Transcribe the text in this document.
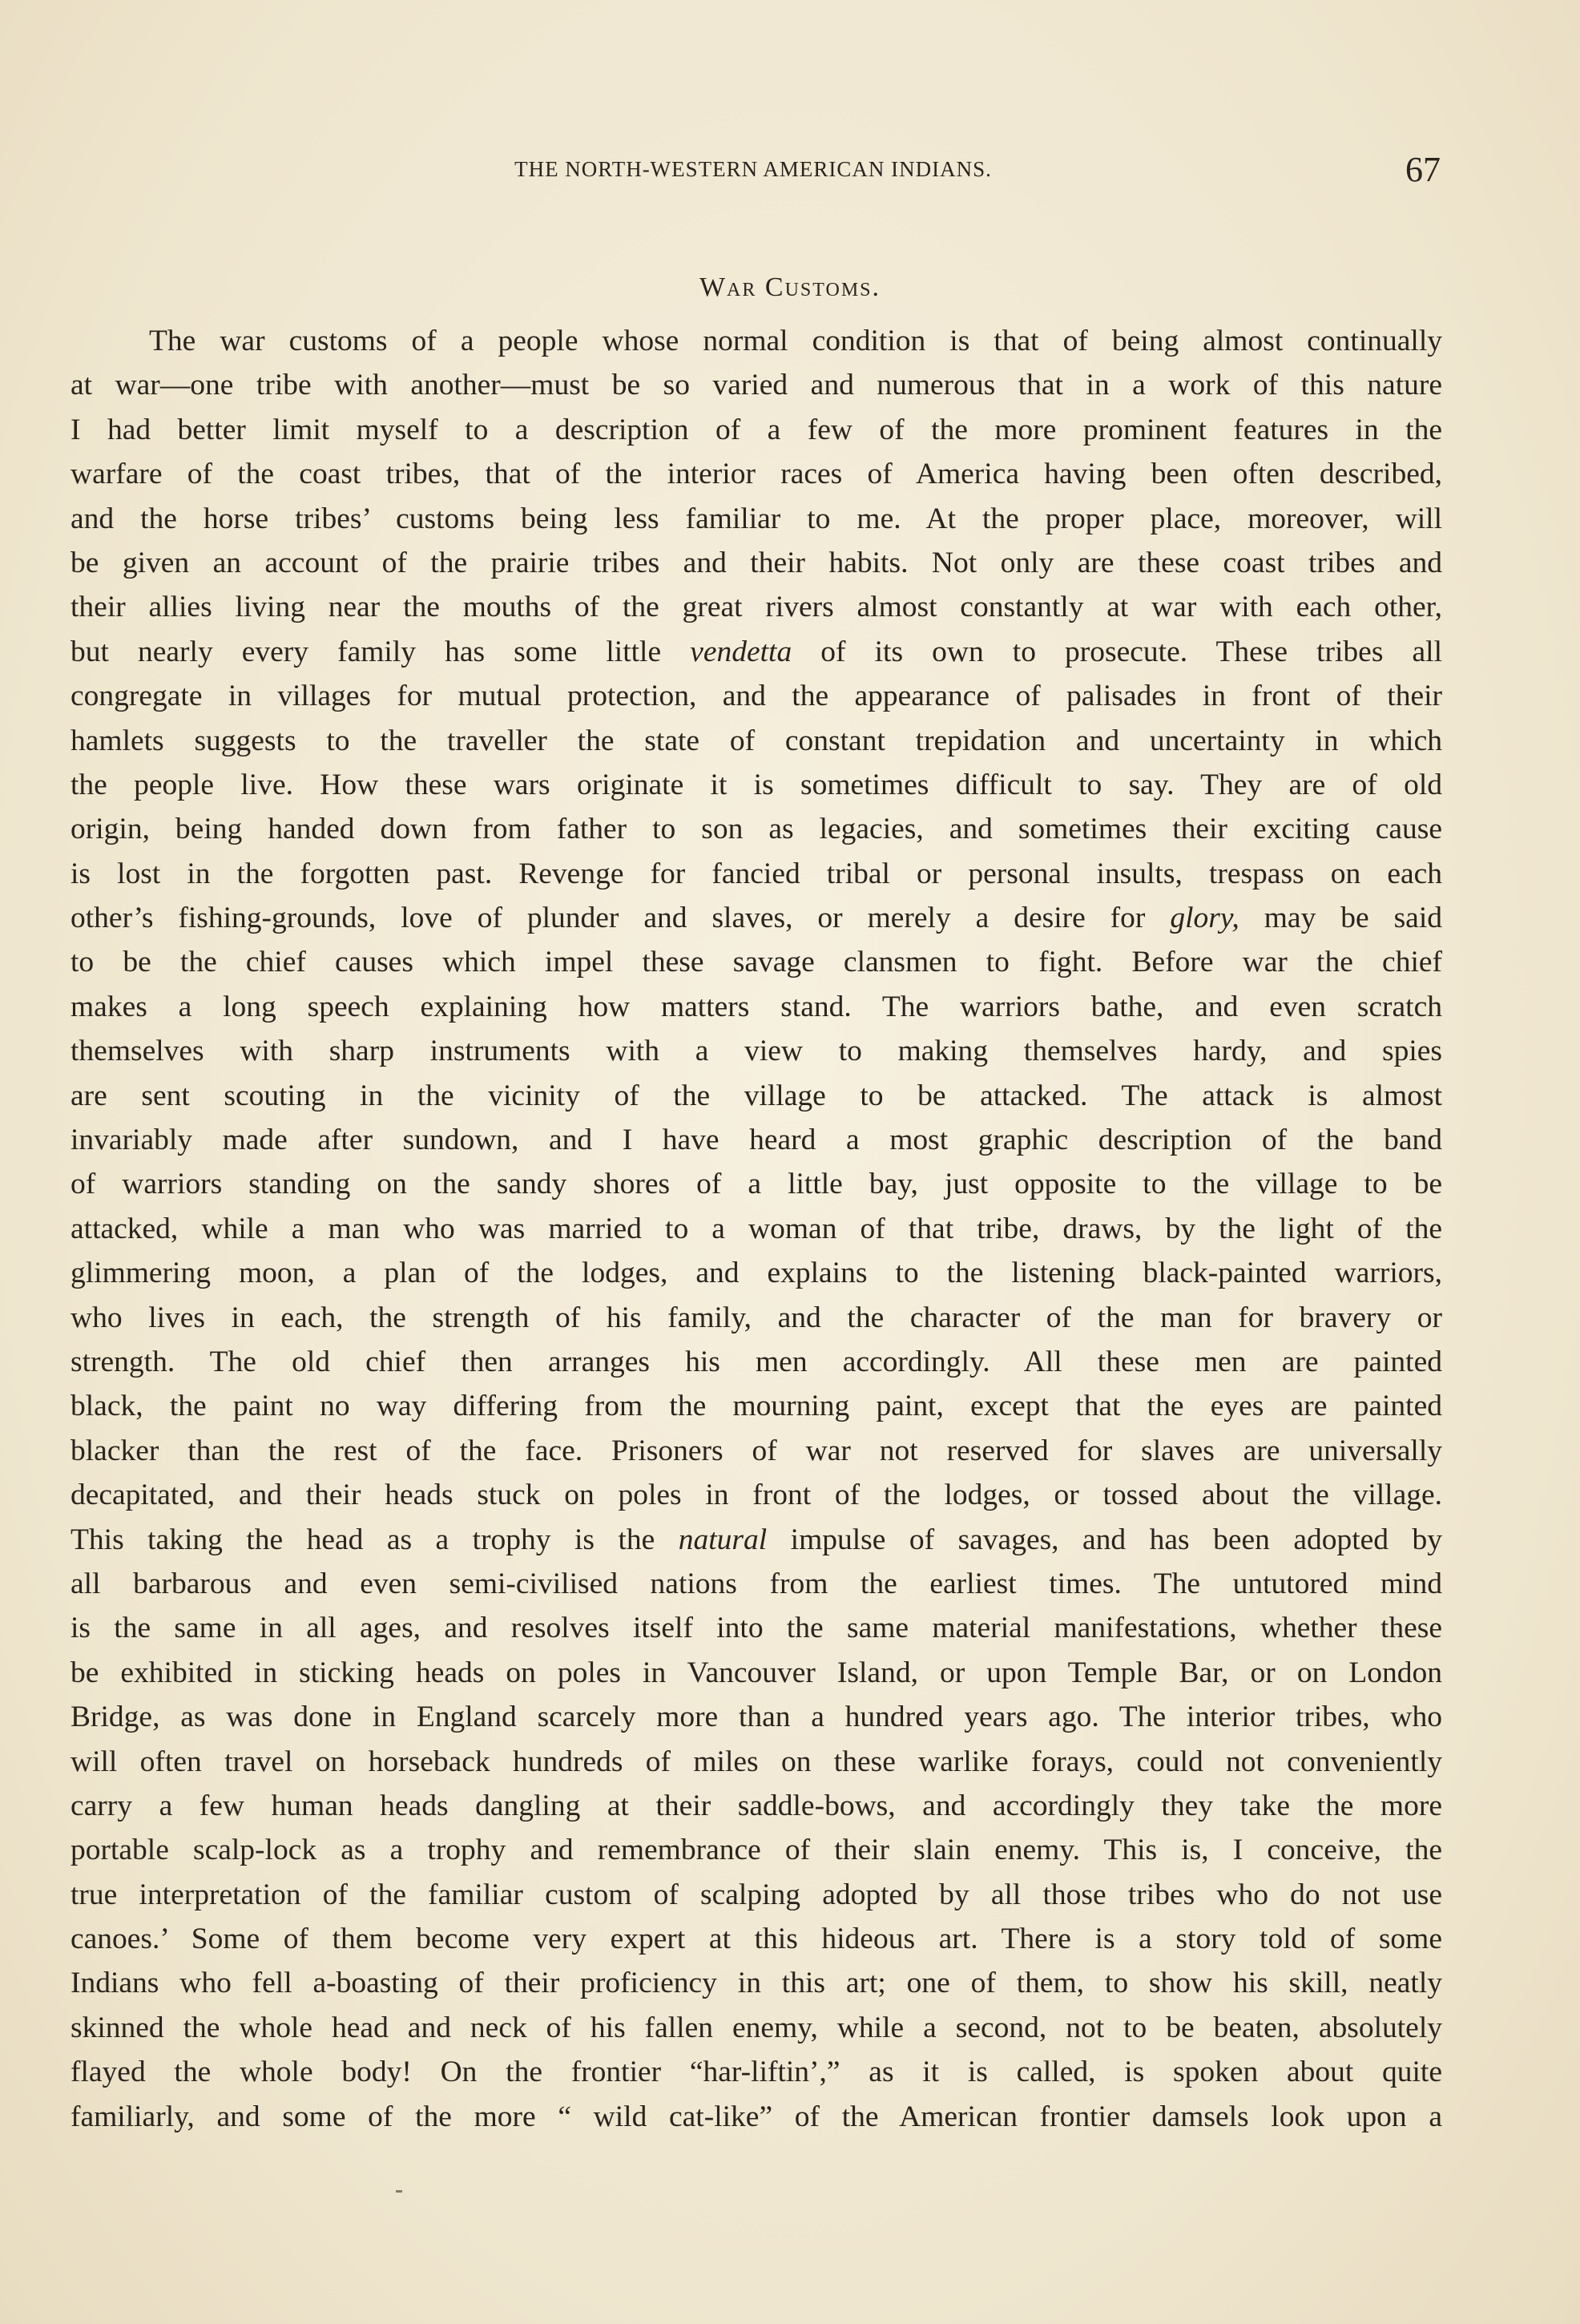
THE NORTH-WESTERN AMERICAN INDIANS.	67
War Customs.
The war customs of a people whose normal condition is that of being almost continually
at war—one tribe with another—must be so varied and numerous that in a work of this nature
I had better limit myself to a description of a few of the more prominent features in the
warfare of the coast tribes, that of the interior races of America having been often described,
and the horse tribes’ customs being less familiar to me. At the proper place, moreover, will
be given an account of the prairie tribes and their habits. Not only are these coast tribes and
their allies living near the mouths of the great rivers almost constantly at war with each other,
but nearly every family has some little vendetta of its own to prosecute. These tribes all
congregate in villages for mutual protection, and the appearance of palisades in front of their
hamlets suggests to the traveller the state of constant trepidation and uncertainty in which
the people live. How these wars originate it is sometimes difficult to say. They are of old
origin, being handed down from father to son as legacies, and sometimes their exciting cause
is lost in the forgotten past. Revenge for fancied tribal or personal insults, trespass on each
other’s fishing-grounds, love of plunder and slaves, or merely a desire for glory, may be said
to be the chief causes which impel these savage clansmen to fight. Before war the chief
makes a long speech explaining how matters stand. The warriors bathe, and even scratch
themselves with sharp instruments with a view to making themselves hardy, and spies
are sent scouting in the vicinity of the village to be attacked. The attack is almost
invariably made after sundown, and I have heard a most graphic description of the band
of warriors standing on the sandy shores of a little bay, just opposite to the village to be
attacked, while a man who was married to a woman of that tribe, draws, by the light of the
glimmering moon, a plan of the lodges, and explains to the listening black-painted warriors,
who lives in each, the strength of his family, and the character of the man for bravery or
strength. The old chief then arranges his men accordingly. All these men are painted
black, the paint no way differing from the mourning paint, except that the eyes are painted
blacker than the rest of the face. Prisoners of war not reserved for slaves are universally
decapitated, and their heads stuck on poles in front of the lodges, or tossed about the village.
This taking the head as a trophy is the natural impulse of savages, and has been adopted by
all barbarous and even semi-civilised nations from the earliest times. The untutored mind
is the same in all ages, and resolves itself into the same material manifestations, whether these
be exhibited in sticking heads on poles in Vancouver Island, or upon Temple Bar, or on London
Bridge, as was done in England scarcely more than a hundred years ago. The interior tribes, who
will often travel on horseback hundreds of miles on these warlike forays, could not conveniently
carry a few human heads dangling at their saddle-bows, and accordingly they take the more
portable scalp-lock as a trophy and remembrance of their slain enemy. This is, I conceive, the
true interpretation of the familiar custom of scalping adopted by all those tribes who do not use
canoes.’ Some of them become very expert at this hideous art. There is a story told of some
Indians who fell a-boasting of their proficiency in this art; one of them, to show his skill, neatly
skinned the whole head and neck of his fallen enemy, while a second, not to be beaten, absolutely
flayed the whole body! On the frontier “har-liftin’,” as it is called, is spoken about quite
familiarly, and some of the more “ wild cat-like” of the American frontier damsels look upon a
